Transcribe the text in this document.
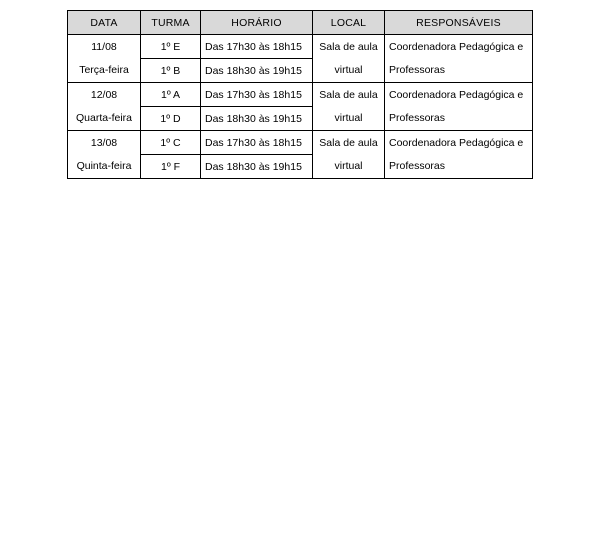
DATA	TURMA	HORÁRIO	LOCAL	RESPONSÁVEIS
11/08	1º E	Das 17h30 às 18h15	Sala de aula	Coordenadora Pedagógica e
Terça-feira	1º B	Das 18h30 às 19h15	virtual	Professoras
12/08	1º A	Das 17h30 às 18h15	Sala de aula	Coordenadora Pedagógica e
Quarta-feira	1º D	Das 18h30 às 19h15	virtual	Professoras
13/08	1º C	Das 17h30 às 18h15	Sala de aula	Coordenadora Pedagógica e
Quinta-feira	1º F	Das 18h30 às 19h15	virtual	Professoras
